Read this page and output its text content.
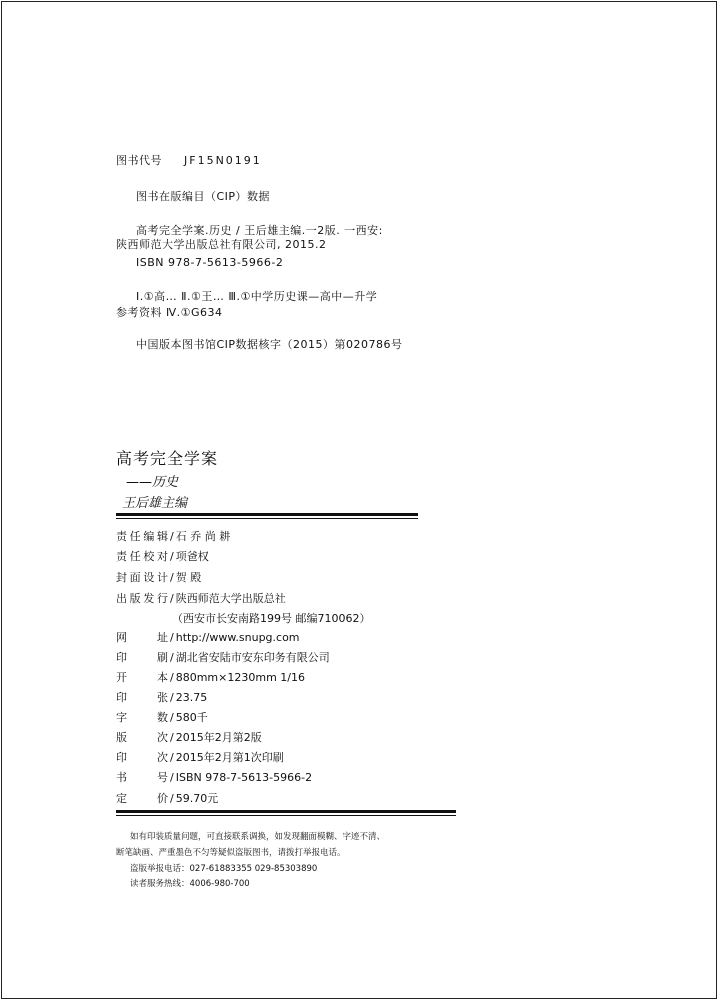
图书代号 JF15N0191
图书在版编目（CIP）数据
高考完全学案.历史 / 王后雄主编.一2版. 一西安:
陕西师范大学出版总社有限公司, 2015.2
ISBN 978-7-5613-5966-2
Ⅰ.①高… Ⅱ.①王… Ⅲ.①中学历史课—高中—升学
参考资料 Ⅳ.①G634
中国版本图书馆CIP数据核字（2015）第020786号
高考完全学案
——历史
王后雄主编
责任编辑 / 石 乔 尚 耕
责任校对 / 项爸权
封面设计 / 贺 殿
出版发行 / 陕西师范大学出版总社
（西安市长安南路199号 邮编710062）
网址 / http://www.snupg.com
印刷 / 湖北省安陆市安东印务有限公司
开本 / 880mm×1230mm 1/16
印张 / 23.75
字数 / 580千
版次 / 2015年2月第2版
印次 / 2015年2月第1次印刷
书号 / ISBN 978-7-5613-5966-2
定价 / 59.70元
如有印装质量问题，可直接联系调换，如发现翻面模糊、字迹不清、
断笔缺画、严重墨色不匀等疑似盗版图书，请拨打举报电话。
盗版举报电话：027-61883355 029-85303890
读者服务热线：4006-980-700
